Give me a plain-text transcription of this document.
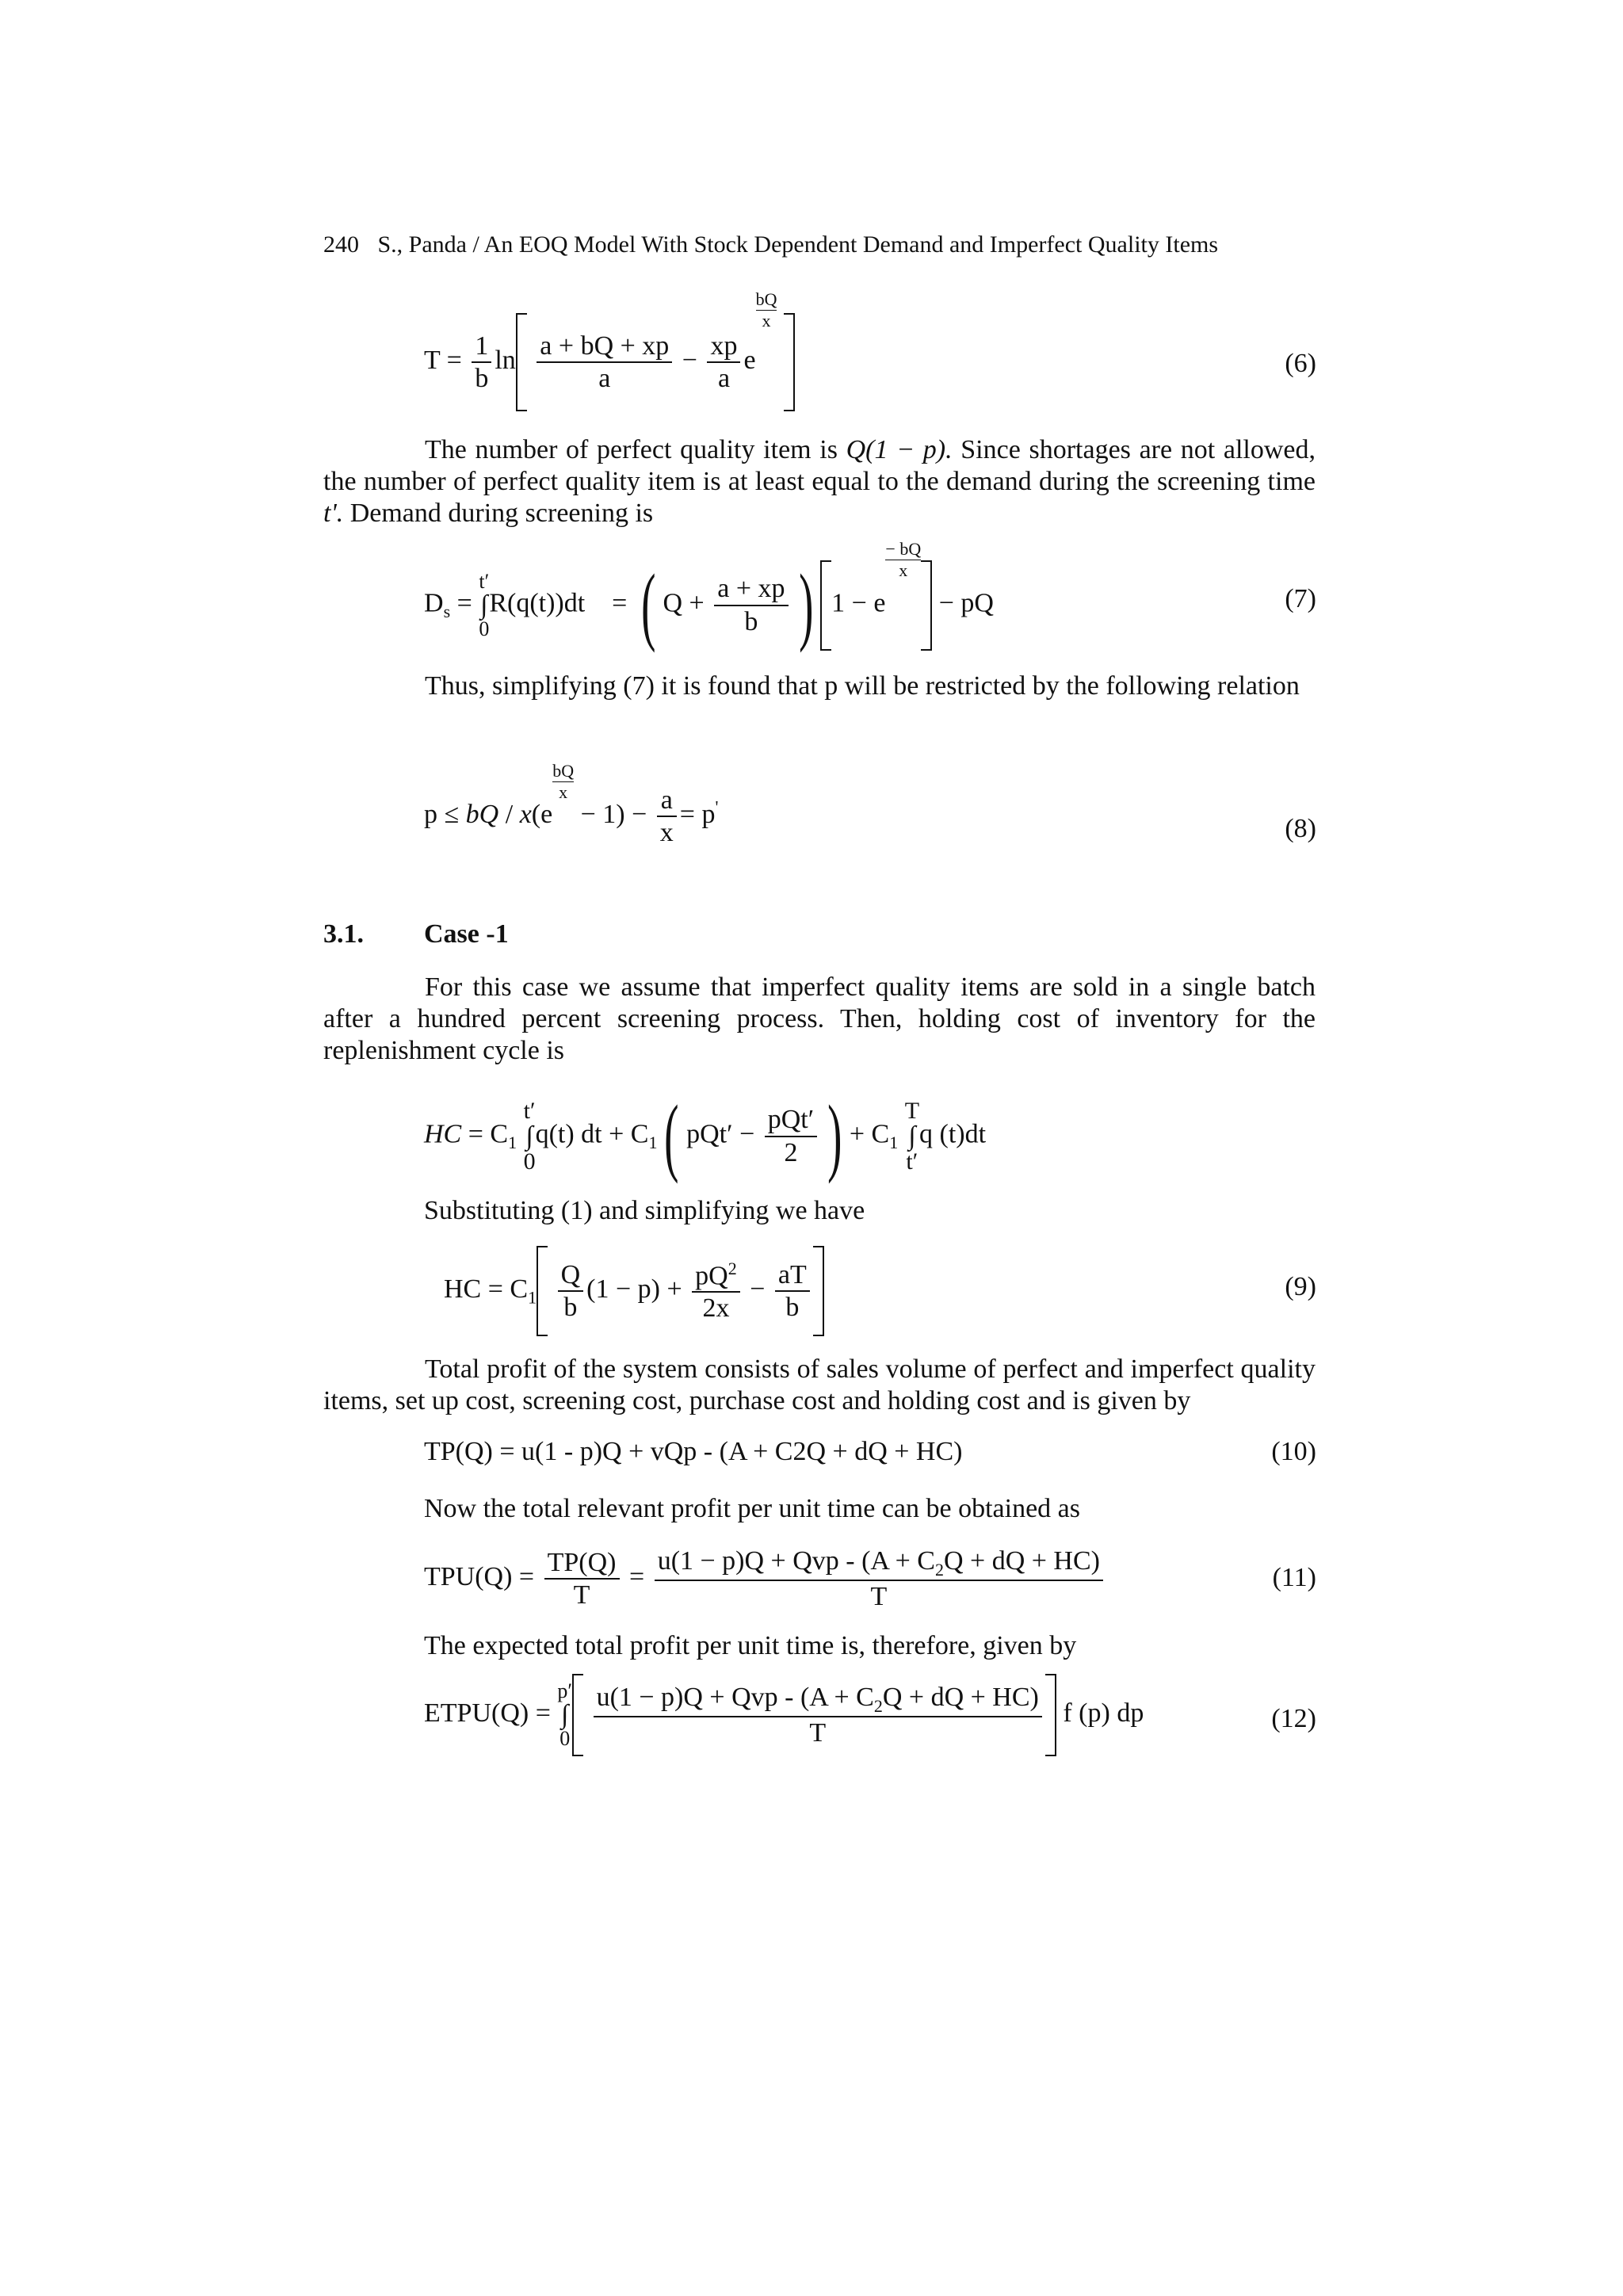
240 S., Panda / An EOQ Model With Stock Dependent Demand and Imperfect Quality Items
$T = \frac{1}{b}$ $\ln \frac{a + bQ + xp}{a} - \frac{xp}{a}$ e
$\frac{bQ}{x}$

(6)
The number of perfect quality item is Q(1 − p). Since shortages are not allowed, the number of perfect quality item is at least equal to the demand during the screening time t'. Demand during screening is
$D_s$ =
t′
∫
0
R(q(t))dt    = ( $Q + \frac{a + xp}{b}$ ) 1 − e
$\frac{- bQ}{x}$
− pQ	(7)
Thus, simplifying (7) it is found that p will be restricted by the following relation
p ≤ bQ / x(e
$\frac{bQ}{x}$
− $1) - \frac{a}{x} = p'$
(8)
3.1. Case -1
For this case we assume that imperfect quality items are sold in a single batch after a hundred percent screening process. Then, holding cost of inventory for the replenishment cycle is
HC = $C_1$
t′
∫
0
q(t) dt + $C_1$( $pQt' - \frac{\text{pQt′}}{2}$ ) + $C_1$
T
∫
t′
q (t)dt
Substituting (1) and simplifying we have
HC = $C_1 \frac{Q}{b} (1 - p) + \frac{pQ^2}{2x} - \frac{aT}{b}$	(9)
Total profit of the system consists of sales volume of perfect and imperfect quality items, set up cost, screening cost, purchase cost and holding cost and is given by
TP(Q) = u(1 - p)Q + vQp - (A + C2Q + dQ + HC)	(10)
Now the total relevant profit per unit time can be obtained as
$TPU(Q) = \frac{TP(Q)}{T} = \frac{u(1 - p)Q + Qvp - (A + C_2Q + dQ + HC)}{T}$	(11)
The expected total profit per unit time is, therefore, given by
ETPU(Q) =
p′
∫
0
$\frac{u(1 - p)Q + Qvp - (A + C_2Q + dQ + HC)}{T}$ f (p) dp	(12)
